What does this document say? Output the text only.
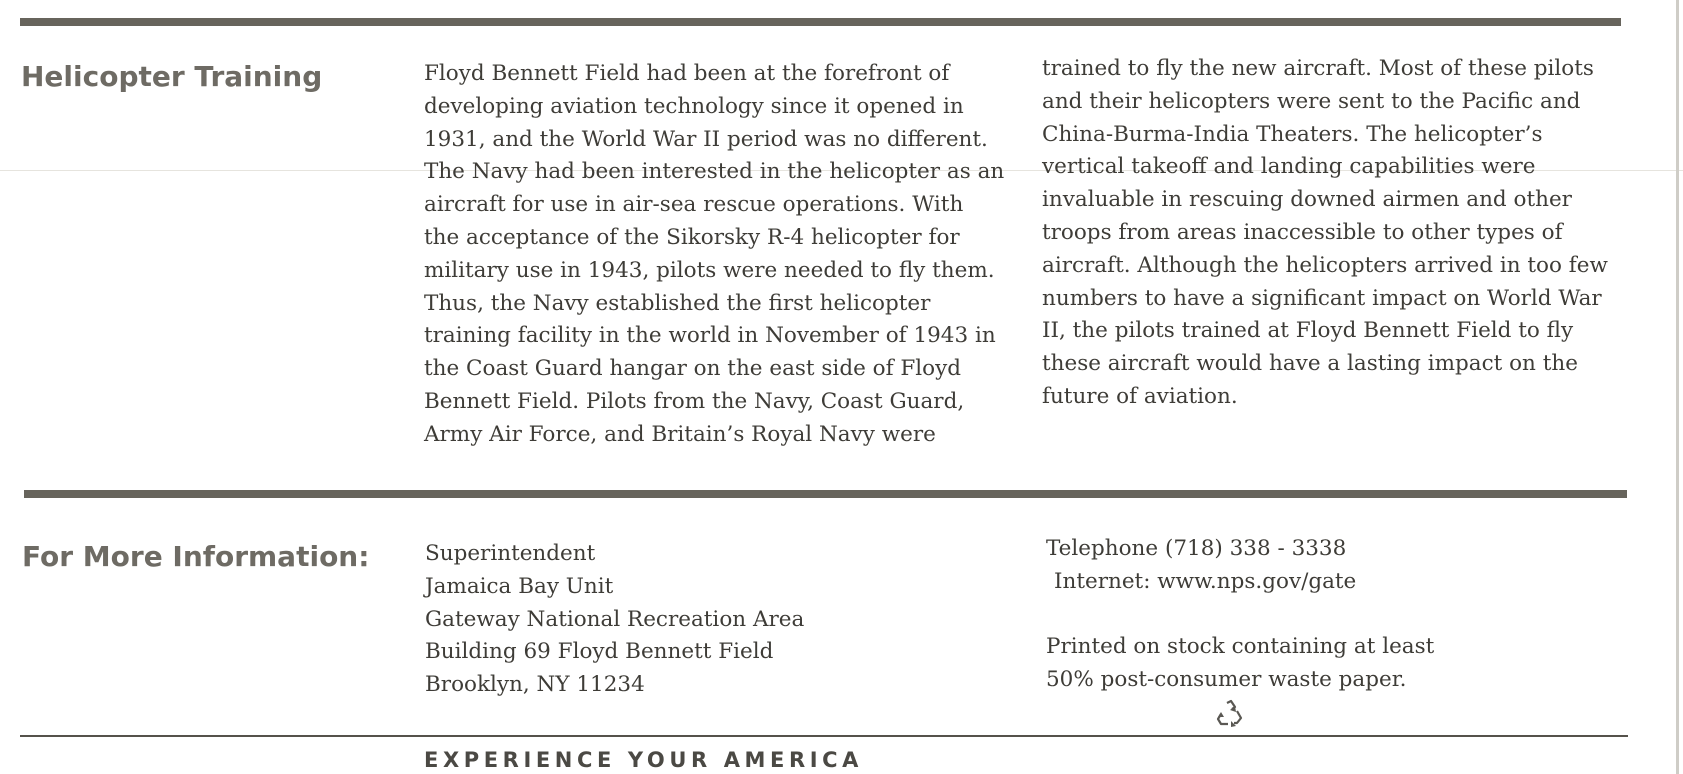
Helicopter Training	Floyd Bennett Field had been at the forefront of
developing aviation technology since it opened in
1931, and the World War II period was no different.
The Navy had been interested in the helicopter as an
aircraft for use in air-sea rescue operations. With
the acceptance of the Sikorsky R-4 helicopter for
military use in 1943, pilots were needed to fly them.
Thus, the Navy established the first helicopter
training facility in the world in November of 1943 in
the Coast Guard hangar on the east side of Floyd
Bennett Field. Pilots from the Navy, Coast Guard,
Army Air Force, and Britain’s Royal Navy were
trained to fly the new aircraft. Most of these pilots
and their helicopters were sent to the Pacific and
China-Burma-India Theaters. The helicopter’s
vertical takeoff and landing capabilities were
invaluable in rescuing downed airmen and other
troops from areas inaccessible to other types of
aircraft. Although the helicopters arrived in too few
numbers to have a significant impact on World War
II, the pilots trained at Floyd Bennett Field to fly
these aircraft would have a lasting impact on the
future of aviation.
For More Information:	Superintendent
Jamaica Bay Unit
Gateway National Recreation Area
Building 69 Floyd Bennett Field
Brooklyn, NY 11234
Telephone (718) 338 - 3338
Internet: www.nps.gov/gate

Printed on stock containing at least
50% post-consumer waste paper.
EXPERIENCE YOUR AMERICA
